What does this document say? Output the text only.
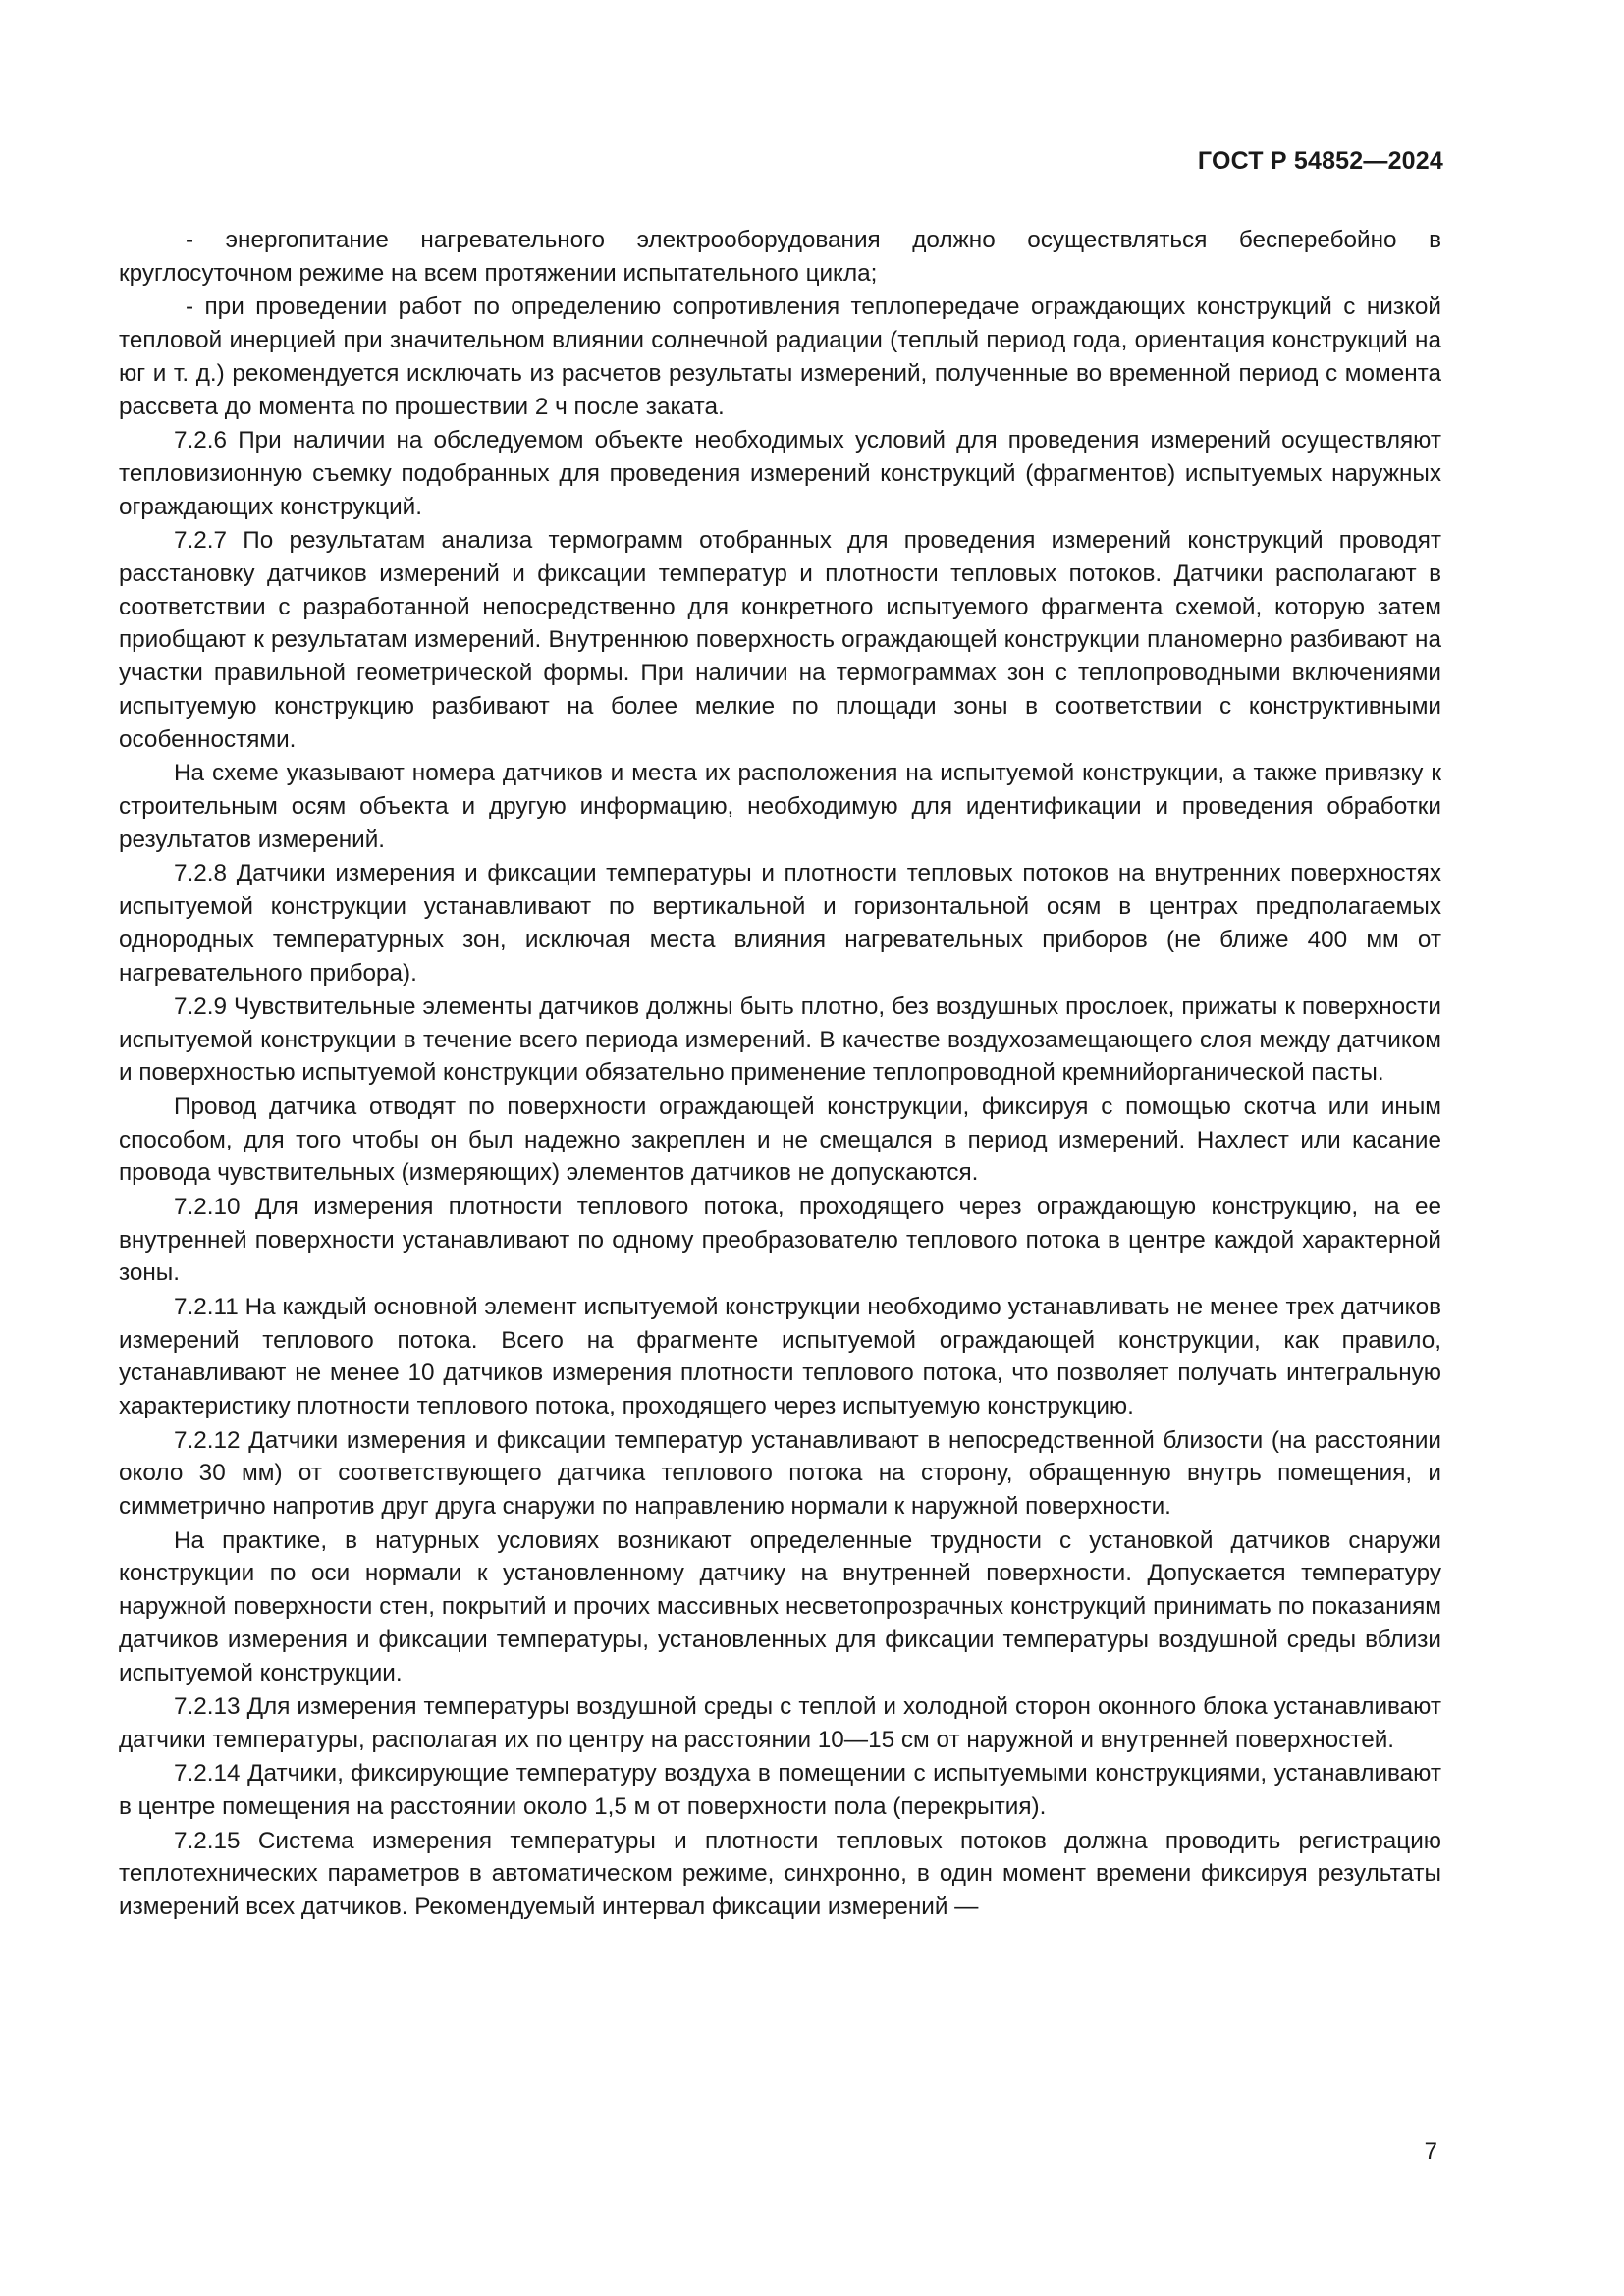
ГОСТ Р 54852—2024

- энергопитание нагревательного электрооборудования должно осуществляться бесперебойно в круглосуточном режиме на всем протяжении испытательного цикла;

- при проведении работ по определению сопротивления теплопередаче ограждающих конструкций с низкой тепловой инерцией при значительном влиянии солнечной радиации (теплый период года, ориентация конструкций на юг и т. д.) рекомендуется исключать из расчетов результаты измерений, полученные во временной период с момента рассвета до момента по прошествии 2 ч после заката.

7.2.6 При наличии на обследуемом объекте необходимых условий для проведения измерений осуществляют тепловизионную съемку подобранных для проведения измерений конструкций (фрагментов) испытуемых наружных ограждающих конструкций.

7.2.7 По результатам анализа термограмм отобранных для проведения измерений конструкций проводят расстановку датчиков измерений и фиксации температур и плотности тепловых потоков. Датчики располагают в соответствии с разработанной непосредственно для конкретного испытуемого фрагмента схемой, которую затем приобщают к результатам измерений. Внутреннюю поверхность ограждающей конструкции планомерно разбивают на участки правильной геометрической формы. При наличии на термограммах зон с теплопроводными включениями испытуемую конструкцию разбивают на более мелкие по площади зоны в соответствии с конструктивными особенностями.

На схеме указывают номера датчиков и места их расположения на испытуемой конструкции, а также привязку к строительным осям объекта и другую информацию, необходимую для идентификации и проведения обработки результатов измерений.

7.2.8 Датчики измерения и фиксации температуры и плотности тепловых потоков на внутренних поверхностях испытуемой конструкции устанавливают по вертикальной и горизонтальной осям в центрах предполагаемых однородных температурных зон, исключая места влияния нагревательных приборов (не ближе 400 мм от нагревательного прибора).

7.2.9 Чувствительные элементы датчиков должны быть плотно, без воздушных прослоек, прижаты к поверхности испытуемой конструкции в течение всего периода измерений. В качестве воздухозамещающего слоя между датчиком и поверхностью испытуемой конструкции обязательно применение теплопроводной кремнийорганической пасты.

Провод датчика отводят по поверхности ограждающей конструкции, фиксируя с помощью скотча или иным способом, для того чтобы он был надежно закреплен и не смещался в период измерений. Нахлест или касание провода чувствительных (измеряющих) элементов датчиков не допускаются.

7.2.10 Для измерения плотности теплового потока, проходящего через ограждающую конструкцию, на ее внутренней поверхности устанавливают по одному преобразователю теплового потока в центре каждой характерной зоны.

7.2.11 На каждый основной элемент испытуемой конструкции необходимо устанавливать не менее трех датчиков измерений теплового потока. Всего на фрагменте испытуемой ограждающей конструкции, как правило, устанавливают не менее 10 датчиков измерения плотности теплового потока, что позволяет получать интегральную характеристику плотности теплового потока, проходящего через испытуемую конструкцию.

7.2.12 Датчики измерения и фиксации температур устанавливают в непосредственной близости (на расстоянии около 30 мм) от соответствующего датчика теплового потока на сторону, обращенную внутрь помещения, и симметрично напротив друг друга снаружи по направлению нормали к наружной поверхности.

На практике, в натурных условиях возникают определенные трудности с установкой датчиков снаружи конструкции по оси нормали к установленному датчику на внутренней поверхности. Допускается температуру наружной поверхности стен, покрытий и прочих массивных несветопрозрачных конструкций принимать по показаниям датчиков измерения и фиксации температуры, установленных для фиксации температуры воздушной среды вблизи испытуемой конструкции.

7.2.13 Для измерения температуры воздушной среды с теплой и холодной сторон оконного блока устанавливают датчики температуры, располагая их по центру на расстоянии 10—15 см от наружной и внутренней поверхностей.

7.2.14 Датчики, фиксирующие температуру воздуха в помещении с испытуемыми конструкциями, устанавливают в центре помещения на расстоянии около 1,5 м от поверхности пола (перекрытия).

7.2.15 Система измерения температуры и плотности тепловых потоков должна проводить регистрацию теплотехнических параметров в автоматическом режиме, синхронно, в один момент времени фиксируя результаты измерений всех датчиков. Рекомендуемый интервал фиксации измерений —

7
